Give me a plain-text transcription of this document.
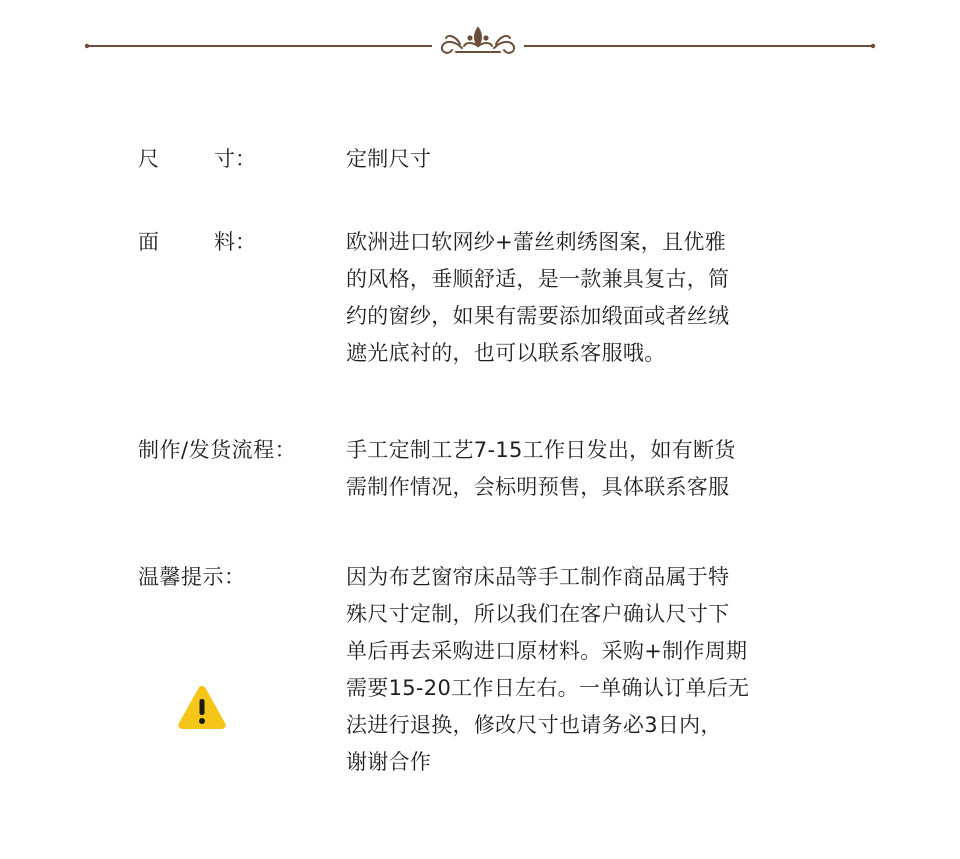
尺	寸：	定制尺寸
面	料：	欧洲进口软网纱+蕾丝刺绣图案，且优雅
的风格，垂顺舒适，是一款兼具复古，简
约的窗纱，如果有需要添加缎面或者丝绒
遮光底衬的，也可以联系客服哦。
制作/发货流程： 手工定制工艺7-15工作日发出，如有断货
需制作情况，会标明预售，具体联系客服
温馨提示：	因为布艺窗帘床品等手工制作商品属于特
殊尺寸定制，所以我们在客户确认尺寸下
单后再去采购进口原材料。采购+制作周期
需要15-20工作日左右。一单确认订单后无
法进行退换，修改尺寸也请务必3日内，
谢谢合作
